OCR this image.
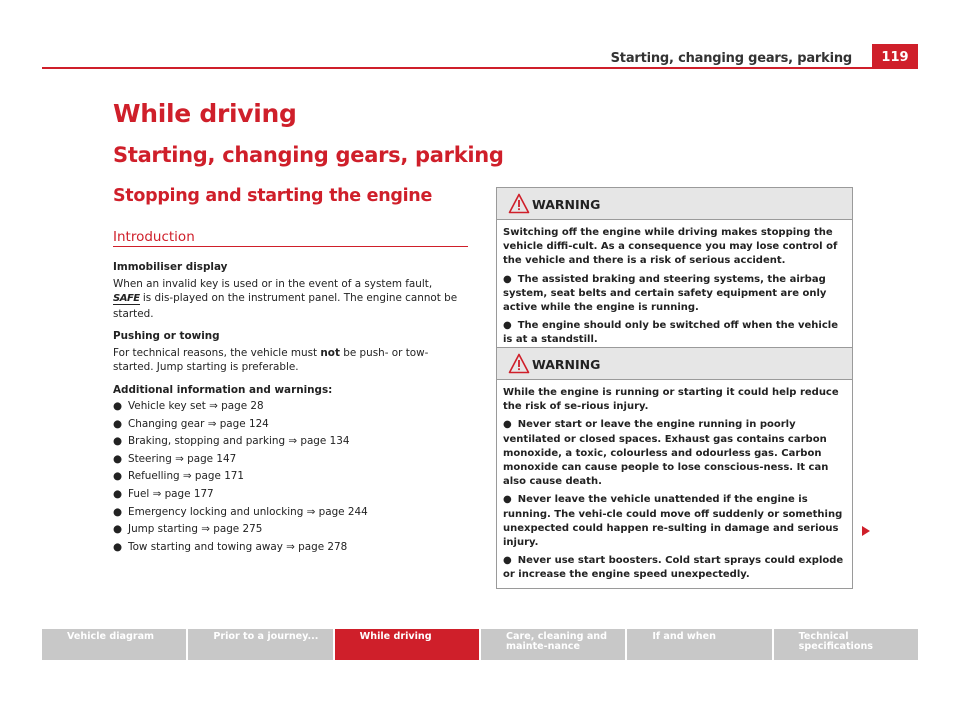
Starting, changing gears, parking	119
While driving
Starting, changing gears, parking
Stopping and starting the engine
Introduction
Immobiliser display

When an invalid key is used or in the event of a system fault, SAFE is dis-played on the instrument panel. The engine cannot be started.

Pushing or towing

For technical reasons, the vehicle must not be push- or tow-started. Jump starting is preferable.

Additional information and warnings:
● Vehicle key set ⇒ page 28
● Changing gear ⇒ page 124
● Braking, stopping and parking ⇒ page 134
● Steering ⇒ page 147
● Refuelling ⇒ page 171
● Fuel ⇒ page 177
● Emergency locking and unlocking ⇒ page 244
● Jump starting ⇒ page 275
● Tow starting and towing away ⇒ page 278
WARNING

Switching off the engine while driving makes stopping the vehicle diffi-cult. As a consequence you may lose control of the vehicle and there is a risk of serious accident.

● The assisted braking and steering systems, the airbag system, seat belts and certain safety equipment are only active while the engine is running.

● The engine should only be switched off when the vehicle is at a standstill.

WARNING

While the engine is running or starting it could help reduce the risk of se-rious injury.

● Never start or leave the engine running in poorly ventilated or closed spaces. Exhaust gas contains carbon monoxide, a toxic, colourless and odourless gas. Carbon monoxide can cause people to lose conscious-ness. It can also cause death.

● Never leave the vehicle unattended if the engine is running. The vehi-cle could move off suddenly or something unexpected could happen re-sulting in damage and serious injury.

● Never use start boosters. Cold start sprays could explode or increase the engine speed unexpectedly.

Vehicle diagram	Prior to a journey...	While driving	Care, cleaning and mainte-nance
If and when	Technical specifications
